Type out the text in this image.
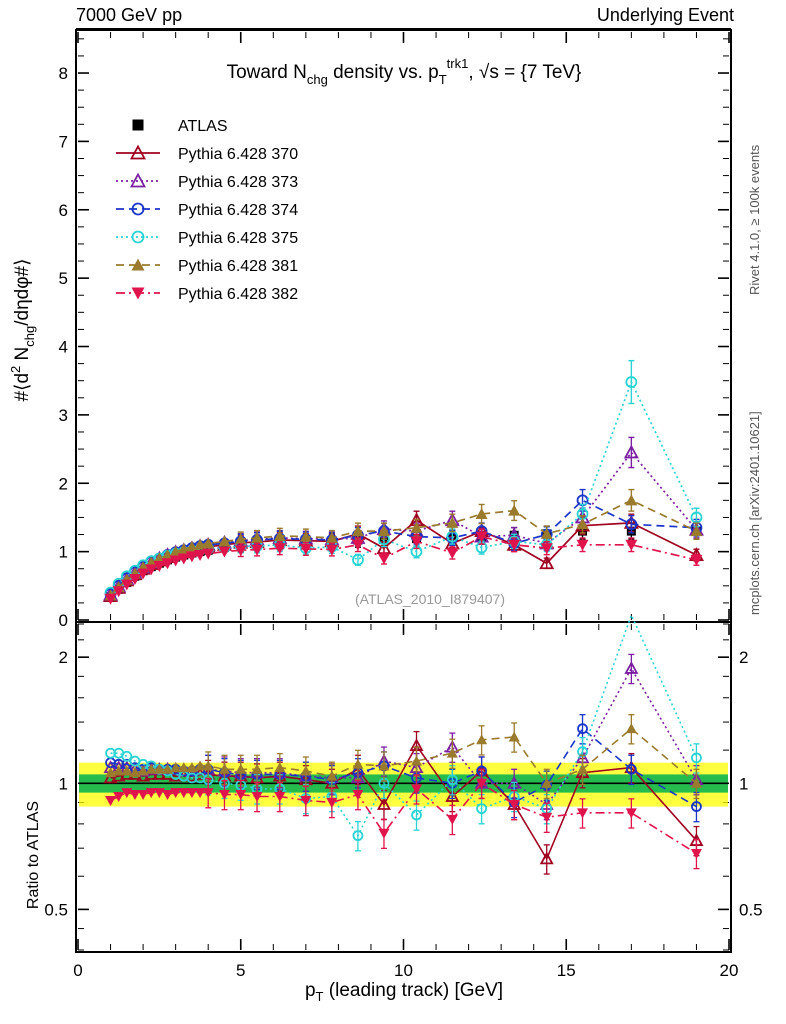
7000 GeV pp	Underlying Event
Rivet 4.1.0, ≥ 100k events
mcplots.cern.ch [arXiv:2401.10621]
0
1
2
3
4
5
6
7
8
0.5	0.5
1	1
2	2
0	5	10	15	20
ATLAS
Pythia 6.428 370
Pythia 6.428 373
Pythia 6.428 374
Pythia 6.428 375
Pythia 6.428 381
Pythia 6.428 382
Toward $N_{chg}$ density vs. $p_T^{trk1}$, √s = {7 TeV}
(ATLAS_2010_I879407)
$p_T$ (leading track) [GeV]
$\#⟨d^2$ $N_{chg}/d\eta d\varphi\#⟩$
Ratio to ATLAS
